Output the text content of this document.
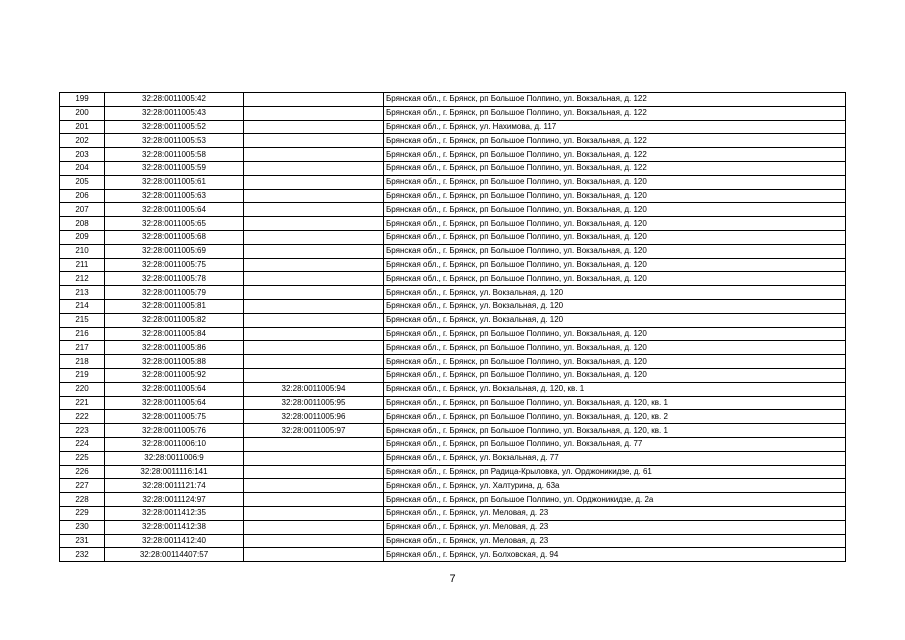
199	32:28:0011005:42		Брянская обл., г. Брянск, рп Большое Полпино, ул. Вокзальная, д. 122
200	32:28:0011005:43		Брянская обл., г. Брянск, рп Большое Полпино, ул. Вокзальная, д. 122
201	32:28:0011005:52		Брянская обл., г. Брянск, ул. Нахимова, д. 117
202	32:28:0011005:53		Брянская обл., г. Брянск, рп Большое Полпино, ул. Вокзальная, д. 122
203	32:28:0011005:58		Брянская обл., г. Брянск, рп Большое Полпино, ул. Вокзальная, д. 122
204	32:28:0011005:59		Брянская обл., г. Брянск, рп Большое Полпино, ул. Вокзальная, д. 122
205	32:28:0011005:61		Брянская обл., г. Брянск, рп Большое Полпино, ул. Вокзальная, д. 120
206	32:28:0011005:63		Брянская обл., г. Брянск, рп Большое Полпино, ул. Вокзальная, д. 120
207	32:28:0011005:64		Брянская обл., г. Брянск, рп Большое Полпино, ул. Вокзальная, д. 120
208	32:28:0011005:65		Брянская обл., г. Брянск, рп Большое Полпино, ул. Вокзальная, д. 120
209	32:28:0011005:68		Брянская обл., г. Брянск, рп Большое Полпино, ул. Вокзальная, д. 120
210	32:28:0011005:69		Брянская обл., г. Брянск, рп Большое Полпино, ул. Вокзальная, д. 120
211	32:28:0011005:75		Брянская обл., г. Брянск, рп Большое Полпино, ул. Вокзальная, д. 120
212	32:28:0011005:78		Брянская обл., г. Брянск, рп Большое Полпино, ул. Вокзальная, д. 120
213	32:28:0011005:79		Брянская обл., г. Брянск, ул. Вокзальная, д. 120
214	32:28:0011005:81		Брянская обл., г. Брянск, ул. Вокзальная, д. 120
215	32:28:0011005:82		Брянская обл., г. Брянск, ул. Вокзальная, д. 120
216	32:28:0011005:84		Брянская обл., г. Брянск, рп Большое Полпино, ул. Вокзальная, д. 120
217	32:28:0011005:86		Брянская обл., г. Брянск, рп Большое Полпино, ул. Вокзальная, д. 120
218	32:28:0011005:88		Брянская обл., г. Брянск, рп Большое Полпино, ул. Вокзальная, д. 120
219	32:28:0011005:92		Брянская обл., г. Брянск, рп Большое Полпино, ул. Вокзальная, д. 120
220	32:28:0011005:64	32:28:0011005:94	Брянская обл., г. Брянск, ул. Вокзальная, д. 120, кв. 1
221	32:28:0011005:64	32:28:0011005:95	Брянская обл., г. Брянск, рп Большое Полпино, ул. Вокзальная, д. 120, кв. 1
222	32:28:0011005:75	32:28:0011005:96	Брянская обл., г. Брянск, рп Большое Полпино, ул. Вокзальная, д. 120, кв. 2
223	32:28:0011005:76	32:28:0011005:97	Брянская обл., г. Брянск, рп Большое Полпино, ул. Вокзальная, д. 120, кв. 1
224	32:28:0011006:10		Брянская обл., г. Брянск, рп Большое Полпино, ул. Вокзальная, д. 77
225	32:28:0011006:9		Брянская обл., г. Брянск, ул. Вокзальная, д. 77
226	32:28:0011116:141		Брянская обл., г. Брянск, рп Радица-Крыловка, ул. Орджоникидзе, д. 61
227	32:28:0011121:74		Брянская обл., г. Брянск, ул. Халтурина, д. 63а
228	32:28:0011124:97		Брянская обл., г. Брянск, рп Большое Полпино, ул. Орджоникидзе, д. 2а
229	32:28:0011412:35		Брянская обл., г. Брянск, ул. Меловая, д. 23
230	32:28:0011412:38		Брянская обл., г. Брянск, ул. Меловая, д. 23
231	32:28:0011412:40		Брянская обл., г. Брянск, ул. Меловая, д. 23
232	32:28:00114407:57		Брянская обл., г. Брянск, ул. Болховская, д. 94
7
